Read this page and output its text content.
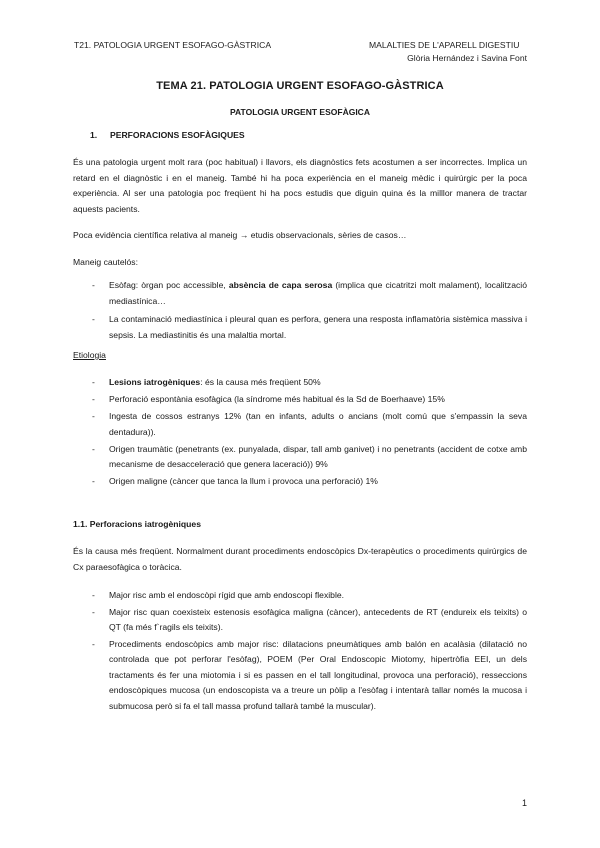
T21. PATOLOGIA URGENT ESOFAGO-GÀSTRICA	MALALTIES DE L'APARELL DIGESTIU
Glòria Hernández i Savina Font
TEMA 21. PATOLOGIA URGENT ESOFAGO-GÀSTRICA
PATOLOGIA URGENT ESOFÀGICA
1. PERFORACIONS ESOFÀGIQUES
És una patologia urgent molt rara (poc habitual) i llavors, els diagnòstics fets acostumen a ser incorrectes. Implica un retard en el diagnòstic i en el maneig. També hi ha poca experiència en el maneig mèdic i quirúrgic per la poca experiència. Al ser una patologia poc freqüent hi ha pocs estudis que diguin quina és la milllor manera de tractar aquests pacients.
Poca evidència científica relativa al maneig → etudis observacionals, sèries de casos…
Maneig cautelós:
- Esòfag: òrgan poc accessible, absència de capa serosa (implica que cicatritzi molt malament), localització mediastínica…
- La contaminació mediastínica i pleural quan es perfora, genera una resposta inflamatòria sistèmica massiva i sepsis. La mediastinitis és una malaltia mortal.
Etiologia
- Lesions iatrogèniques: és la causa més freqüent 50%
- Perforació espontània esofàgica (la síndrome més habitual és la Sd de Boerhaave) 15%
- Ingesta de cossos estranys 12% (tan en infants, adults o ancians (molt comú que s'empassin la seva dentadura)).
- Origen traumàtic (penetrants (ex. punyalada, dispar, tall amb ganivet) i no penetrants (accident de cotxe amb mecanisme de desacceleració que genera laceració)) 9%
- Origen maligne (càncer que tanca la llum i provoca una perforació) 1%
1.1. Perforacions iatrogèniques
És la causa més freqüent. Normalment durant procediments endoscòpics Dx-terapèutics o procediments quirúrgics de Cx paraesofàgica o toràcica.
- Major risc amb el endoscòpi rígid que amb endoscopi flexible.
- Major risc quan coexisteix estenosis esofàgica maligna (càncer), antecedents de RT (endureix els teixits) o QT (fa més f`ragils els teixits).
- Procediments endoscòpics amb major risc: dilatacions pneumàtiques amb balón en acalàsia (dilatació no controlada que pot perforar l'esòfag), POEM (Per Oral Endoscopic Miotomy, hipertròfia EEI, un dels tractaments és fer una miotomia i si es passen en el tall longitudinal, provoca una perforació), resseccions endoscòpiques mucosa (un endoscopista va a treure un pòlip a l'esòfag i intentarà tallar només la mucosa i submucosa però si fa el tall massa profund tallarà també la muscular).
1
